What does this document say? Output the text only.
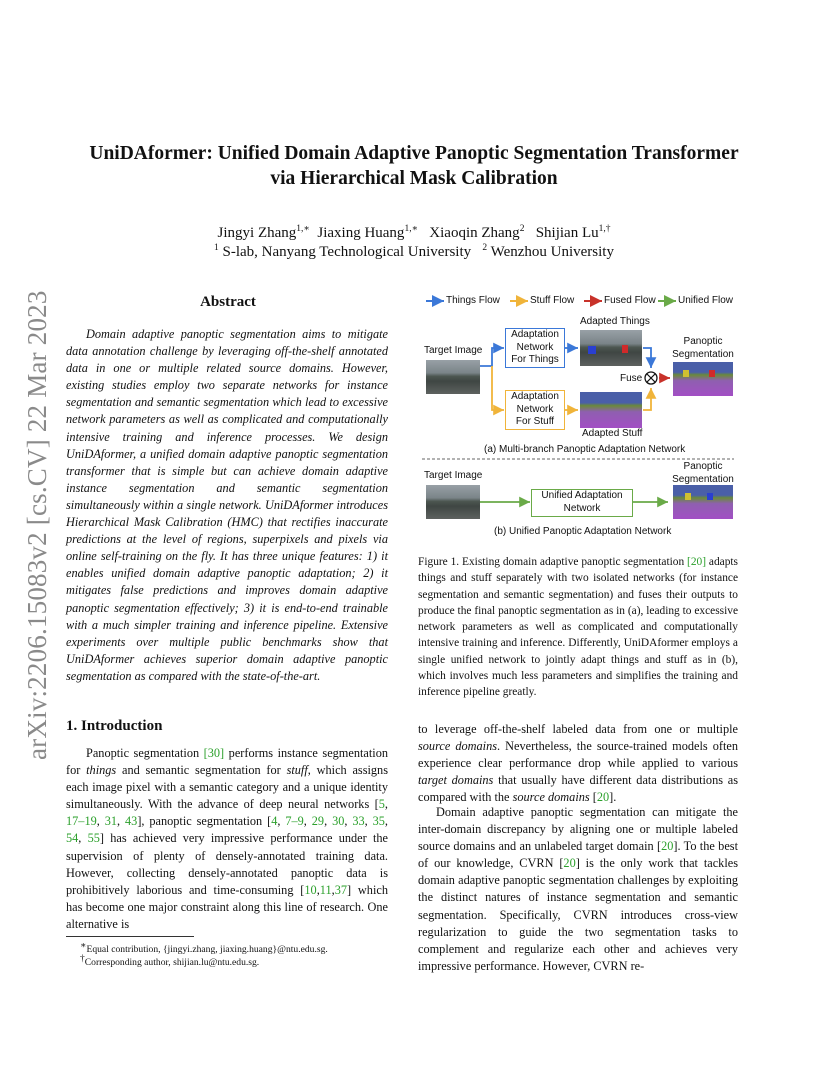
UniDAformer: Unified Domain Adaptive Panoptic Segmentation Transformer
via Hierarchical Mask Calibration
Jingyi Zhang$^{1,∗}$ Jiaxing Huang$^{1,∗}$ Xiaoqin Zhang$^2$ Shijian $Lu^{1,\dagger}$
$^1$ S-lab, Nanyang Technological University $^2$ Wenzhou University
arXiv:2206.15083v2 [cs.CV] 22 Mar 2023	Abstract
Domain adaptive panoptic segmentation aims to mitigate data annotation challenge by leveraging off-the-shelf annotated data in one or multiple related source domains. However, existing studies employ two separate networks for instance segmentation and semantic segmentation which lead to excessive network parameters as well as complicated and computationally intensive training and inference processes. We design UniDAformer, a unified domain adaptive panoptic segmentation transformer that is simple but can achieve domain adaptive instance segmentation and semantic segmentation simultaneously within a single network. UniDAformer introduces Hierarchical Mask Calibration (HMC) that rectifies inaccurate predictions at the level of regions, superpixels and pixels via online self-training on the fly. It has three unique features: 1) it enables unified domain adaptive panoptic adaptation; 2) it mitigates false predictions and improves domain adaptive panoptic segmentation effectively; 3) it is end-to-end trainable with a much simpler training and inference pipeline. Extensive experiments over multiple public benchmarks show that UniDAformer achieves superior domain adaptive panoptic segmentation as compared with the state-of-the-art.
Things Flow	Stuff Flow	Fused Flow Unified Flow
Target Image
Adaptation
Network
For Things
Adaptation
Network
For Stuff
Adapted Things
Adapted Stuff
Fuse
Panoptic
Segmentation
(a) Multi-branch Panoptic Adaptation Network
Target Image
Unified Adaptation
Network
Panoptic
Segmentation
(b) Unified Panoptic Adaptation Network
Figure 1. Existing domain adaptive panoptic segmentation [20] adapts things and stuff separately with two isolated networks (for instance segmentation and semantic segmentation) and fuses their outputs to produce the final panoptic segmentation as in (a), leading to excessive network parameters as well as complicated and computationally intensive training and inference. Differently, UniDAformer employs a single unified network to jointly adapt things and stuff as in (b), which involves much less parameters and simplifies the training and inference pipeline greatly.
1. Introduction
Panoptic segmentation [30] performs instance segmentation for things and semantic segmentation for stuff, which assigns each image pixel with a semantic category and a unique identity simultaneously. With the advance of deep neural networks [5, 17–19, 31, 43], panoptic segmentation [4, 7–9, 29, 30, 33, 35, 54, 55] has achieved very impressive performance under the supervision of plenty of densely-annotated training data. However, collecting densely-annotated panoptic data is prohibitively laborious and time-consuming [10,11,37] which has become one major constraint along this line of research. One alternative is
to leverage off-the-shelf labeled data from one or multiple source domains. Nevertheless, the source-trained models often experience clear performance drop while applied to various target domains that usually have different data distributions as compared with the source domains [20].
Domain adaptive panoptic segmentation can mitigate the inter-domain discrepancy by aligning one or multiple labeled source domains and an unlabeled target domain [20]. To the best of our knowledge, CVRN [20] is the only work that tackles domain adaptive panoptic segmentation challenges by exploiting the distinct natures of instance segmentation and semantic segmentation. Specifically, CVRN introduces cross-view regularization to guide the two segmentation tasks to complement and regularize each other and achieves very impressive performance. However, CVRN re-
∗Equal contribution, {jingyi.zhang, jiaxing.huang}@ntu.edu.sg.
†Corresponding author, shijian.lu@ntu.edu.sg.
